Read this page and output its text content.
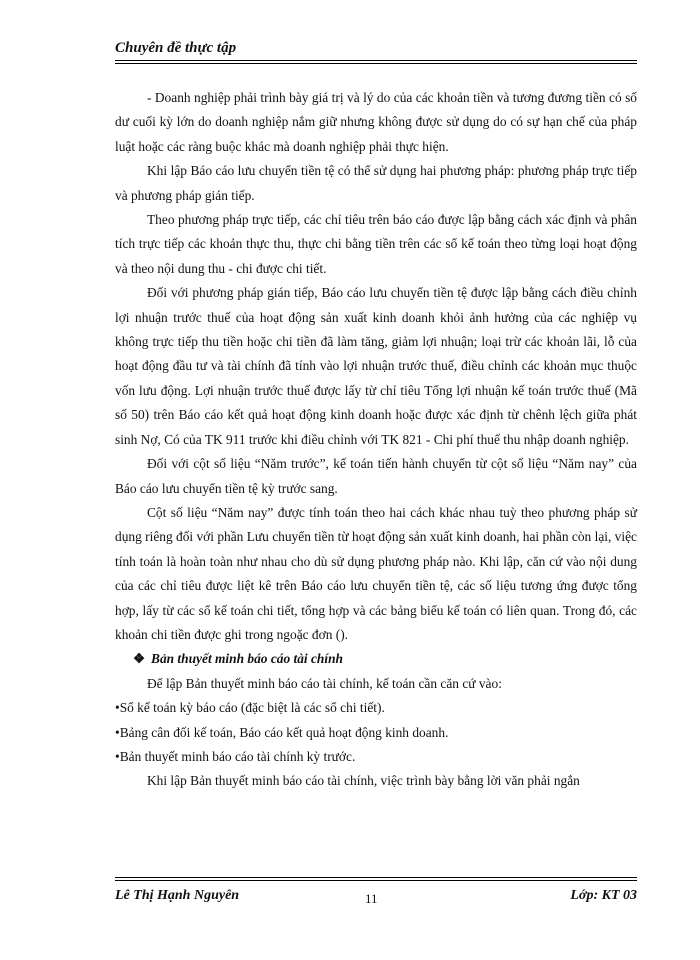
Chuyên đề thực tập

- Doanh nghiệp phải trình bày giá trị và lý do của các khoản tiền và tương đương tiền có số dư cuối kỳ lớn do doanh nghiệp nắm giữ nhưng không được sử dụng do có sự hạn chế của pháp luật hoặc các ràng buộc khác mà doanh nghiệp phải thực hiện.

Khi lập Báo cáo lưu chuyển tiền tệ có thể sử dụng hai phương pháp: phương pháp trực tiếp và phương pháp gián tiếp.

Theo phương pháp trực tiếp, các chỉ tiêu trên báo cáo được lập bằng cách xác định và phân tích trực tiếp các khoản thực thu, thực chi bằng tiền trên các sổ kế toán theo từng loại hoạt động và theo nội dung thu - chi được chi tiết.

Đối với phương pháp gián tiếp, Báo cáo lưu chuyển tiền tệ được lập bằng cách điều chỉnh lợi nhuận trước thuế của hoạt động sản xuất kinh doanh khỏi ảnh hưởng của các nghiệp vụ không trực tiếp thu tiền hoặc chi tiền đã làm tăng, giảm lợi nhuận; loại trừ các khoản lãi, lỗ của hoạt động đầu tư và tài chính đã tính vào lợi nhuận trước thuế, điều chỉnh các khoản mục thuộc vốn lưu động. Lợi nhuận trước thuế được lấy từ chỉ tiêu Tổng lợi nhuận kế toán trước thuế (Mã số 50) trên Báo cáo kết quả hoạt động kinh doanh hoặc được xác định từ chênh lệch giữa phát sinh Nợ, Có của TK 911 trước khi điều chỉnh với TK 821 - Chi phí thuế thu nhập doanh nghiệp.

Đối với cột số liệu “Năm trước”, kế toán tiến hành chuyển từ cột số liệu “Năm nay” của Báo cáo lưu chuyển tiền tệ kỳ trước sang.

Cột số liệu “Năm nay” được tính toán theo hai cách khác nhau tuỳ theo phương pháp sử dụng riêng đối với phần Lưu chuyển tiền từ hoạt động sản xuất kinh doanh, hai phần còn lại, việc tính toán là hoàn toàn như nhau cho dù sử dụng phương pháp nào. Khi lập, căn cứ vào nội dung của các chỉ tiêu được liệt kê trên Báo cáo lưu chuyển tiền tệ, các số liệu tương ứng được tổng hợp, lấy từ các sổ kế toán chi tiết, tổng hợp và các bảng biểu kế toán có liên quan. Trong đó, các khoản chi tiền được ghi trong ngoặc đơn ().

❖ Bản thuyết minh báo cáo tài chính

Để lập Bản thuyết minh báo cáo tài chính, kế toán cần căn cứ vào:

•Sổ kế toán kỳ báo cáo (đặc biệt là các sổ chi tiết).

•Bảng cân đối kế toán, Báo cáo kết quả hoạt động kinh doanh.

•Bản thuyết minh báo cáo tài chính kỳ trước.

Khi lập Bản thuyết minh báo cáo tài chính, việc trình bày bằng lời văn phải ngắn

Lê Thị Hạnh Nguyên	11	Lớp: KT 03
